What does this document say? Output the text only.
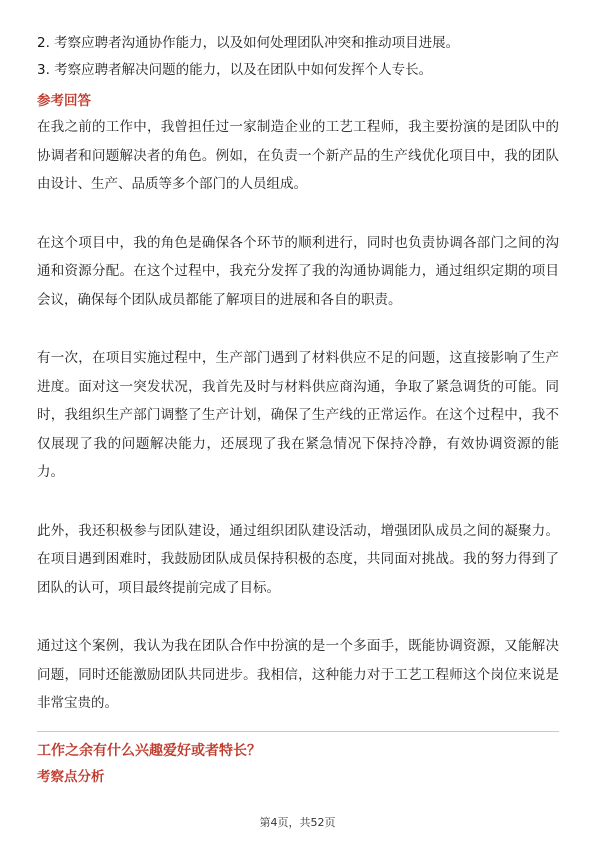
2. 考察应聘者沟通协作能力，以及如何处理团队冲突和推动项目进展。
3. 考察应聘者解决问题的能力，以及在团队中如何发挥个人专长。
参考回答

在我之前的工作中，我曾担任过一家制造企业的工艺工程师，我主要扮演的是团队中的协调者和问题解决者的角色。例如，在负责一个新产品的生产线优化项目中，我的团队由设计、生产、品质等多个部门的人员组成。

在这个项目中，我的角色是确保各个环节的顺利进行，同时也负责协调各部门之间的沟通和资源分配。在这个过程中，我充分发挥了我的沟通协调能力，通过组织定期的项目会议，确保每个团队成员都能了解项目的进展和各自的职责。

有一次，在项目实施过程中，生产部门遇到了材料供应不足的问题，这直接影响了生产进度。面对这一突发状况，我首先及时与材料供应商沟通，争取了紧急调货的可能。同时，我组织生产部门调整了生产计划，确保了生产线的正常运作。在这个过程中，我不仅展现了我的问题解决能力，还展现了我在紧急情况下保持冷静，有效协调资源的能力。

此外，我还积极参与团队建设，通过组织团队建设活动，增强团队成员之间的凝聚力。在项目遇到困难时，我鼓励团队成员保持积极的态度，共同面对挑战。我的努力得到了团队的认可，项目最终提前完成了目标。

通过这个案例，我认为我在团队合作中扮演的是一个多面手，既能协调资源，又能解决问题，同时还能激励团队共同进步。我相信，这种能力对于工艺工程师这个岗位来说是非常宝贵的。

工作之余有什么兴趣爱好或者特长？
考察点分析
第4页，共52页
